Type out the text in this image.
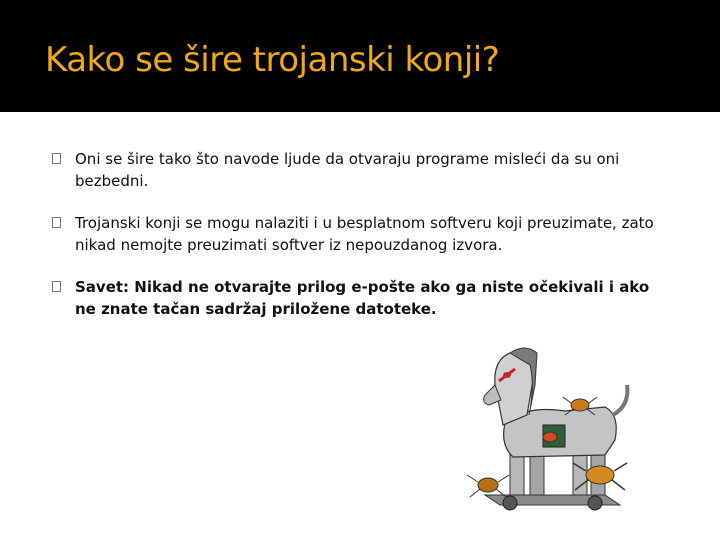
Kako se šire trojanski konji?
Oni se šire tako što navode ljude da otvaraju programe misleći da su oni bezbedni.
Trojanski konji se mogu nalaziti i u besplatnom softveru koji preuzimate, zato nikad nemojte preuzimati softver iz nepouzdanog izvora.
Savet: Nikad ne otvarajte prilog e-pošte ako ga niste očekivali i ako ne znate tačan sadržaj priložene datoteke.
